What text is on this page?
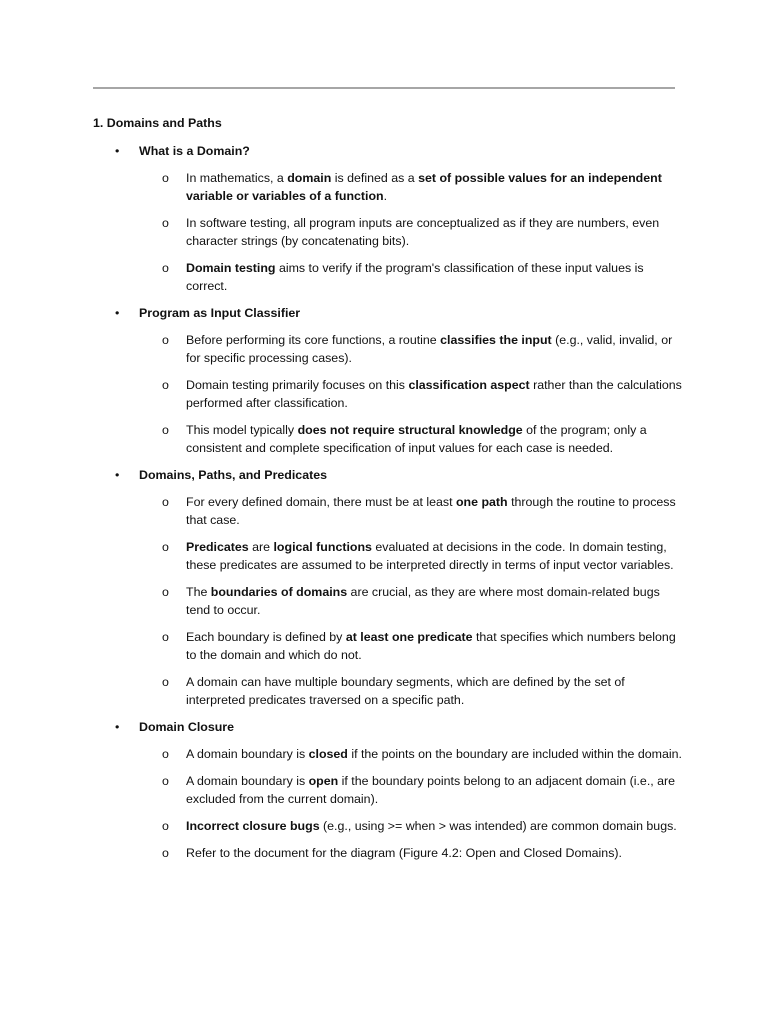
1. Domains and Paths
• What is a Domain?
o In mathematics, a domain is defined as a set of possible values for an independent variable or variables of a function.
o In software testing, all program inputs are conceptualized as if they are numbers, even character strings (by concatenating bits).
o Domain testing aims to verify if the program's classification of these input values is correct.
• Program as Input Classifier
o Before performing its core functions, a routine classifies the input (e.g., valid, invalid, or for specific processing cases).
o Domain testing primarily focuses on this classification aspect rather than the calculations performed after classification.
o This model typically does not require structural knowledge of the program; only a consistent and complete specification of input values for each case is needed.
• Domains, Paths, and Predicates
o For every defined domain, there must be at least one path through the routine to process that case.
o Predicates are logical functions evaluated at decisions in the code. In domain testing, these predicates are assumed to be interpreted directly in terms of input vector variables.
o The boundaries of domains are crucial, as they are where most domain-related bugs tend to occur.
o Each boundary is defined by at least one predicate that specifies which numbers belong to the domain and which do not.
o A domain can have multiple boundary segments, which are defined by the set of interpreted predicates traversed on a specific path.
• Domain Closure
o A domain boundary is closed if the points on the boundary are included within the domain.
o A domain boundary is open if the boundary points belong to an adjacent domain (i.e., are excluded from the current domain).
o Incorrect closure bugs (e.g., using >= when > was intended) are common domain bugs.
o Refer to the document for the diagram (Figure 4.2: Open and Closed Domains).
